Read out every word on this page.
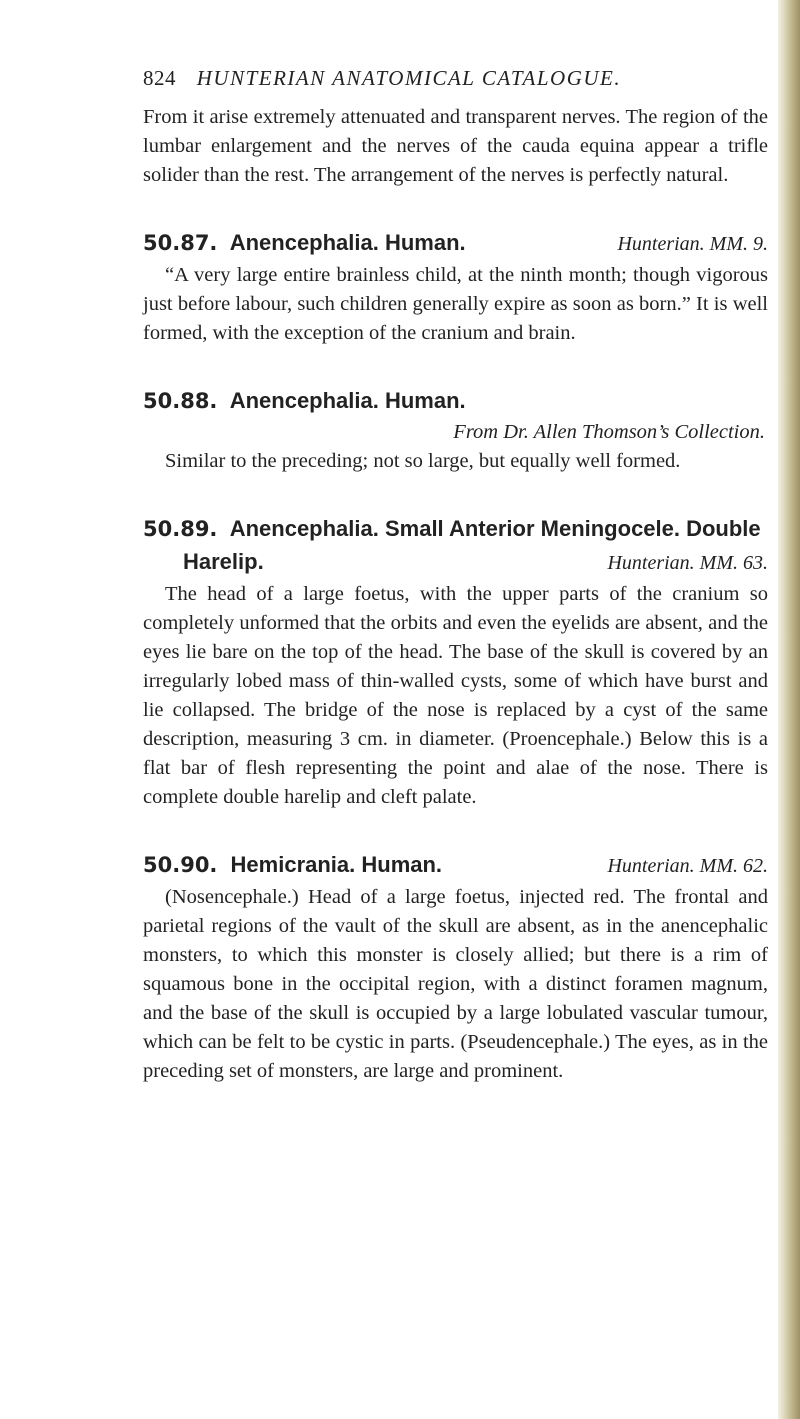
824 HUNTERIAN ANATOMICAL CATALOGUE.

From it arise extremely attenuated and transparent nerves. The region of the lumbar enlargement and the nerves of the cauda equina appear a trifle solider than the rest. The arrangement of the nerves is perfectly natural.

50.87. Anencephalia. Human.	Hunterian. MM. 9.

“A very large entire brainless child, at the ninth month; though vigorous just before labour, such children generally expire as soon as born.” It is well formed, with the exception of the cranium and brain.

50.88. Anencephalia. Human.
From Dr. Allen Thomson’s Collection.

Similar to the preceding; not so large, but equally well formed.

50.89. Anencephalia. Small Anterior Meningocele. Double
Harelip.	Hunterian. MM. 63.

The head of a large foetus, with the upper parts of the cranium so completely unformed that the orbits and even the eyelids are absent, and the eyes lie bare on the top of the head. The base of the skull is covered by an irregularly lobed mass of thin-walled cysts, some of which have burst and lie collapsed. The bridge of the nose is replaced by a cyst of the same description, measuring 3 cm. in diameter. (Proencephale.) Below this is a flat bar of flesh representing the point and alae of the nose. There is complete double harelip and cleft palate.

50.90. Hemicrania. Human.	Hunterian. MM. 62.

(Nosencephale.) Head of a large foetus, injected red. The frontal and parietal regions of the vault of the skull are absent, as in the anencephalic monsters, to which this monster is closely allied; but there is a rim of squamous bone in the occipital region, with a distinct foramen magnum, and the base of the skull is occupied by a large lobulated vascular tumour, which can be felt to be cystic in parts. (Pseudencephale.) The eyes, as in the preceding set of monsters, are large and prominent.
